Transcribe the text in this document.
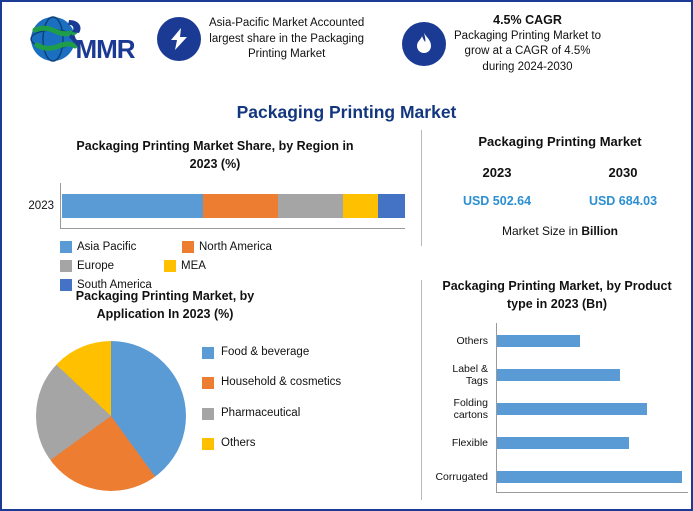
MMR
Asia-Pacific Market Accounted
largest share in the Packaging
Printing Market
4.5% CAGR
Packaging Printing Market to
grow at a CAGR of 4.5%
during 2024-2030
Packaging Printing Market
Packaging Printing Market Share, by Region in
2023 (%)
2023
Asia Pacific	North America
Europe	MEA
South America
Packaging Printing Market
2023	2030
USD 502.64	USD 684.03
Market Size in Billion
Packaging Printing Market, by
Application In 2023 (%)
Food & beverage
Household & cosmetics
Pharmaceutical
Others
Packaging Printing Market, by Product
type in 2023 (Bn)
Others
Label &
Tags
Folding
cartons
Flexible
Corrugated
